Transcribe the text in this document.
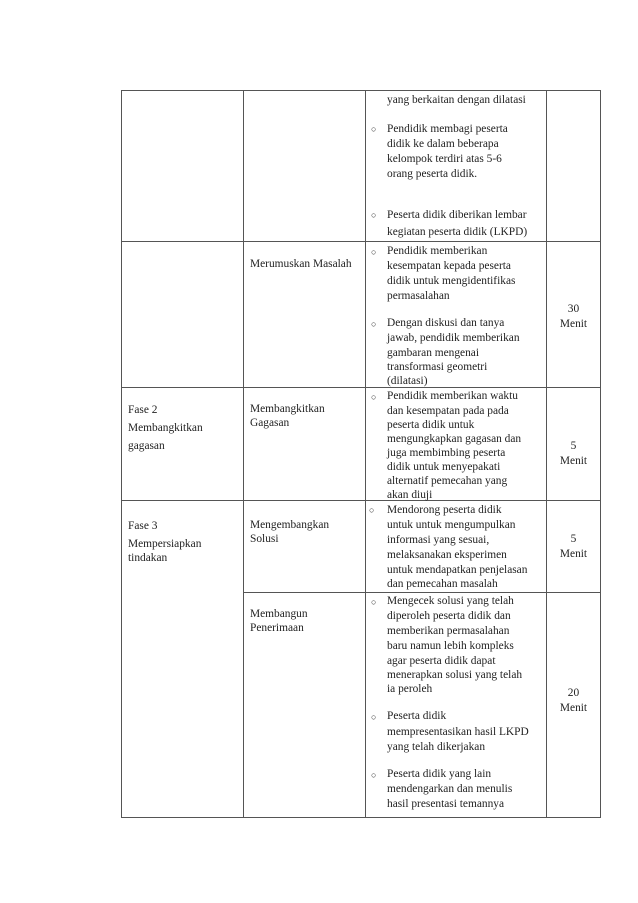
yang berkaitan dengan dilatasi
○ Pendidik membagi peserta
didik ke dalam beberapa
kelompok terdiri atas 5-6
orang peserta didik.
○ Peserta didik diberikan lembar
kegiatan peserta didik (LKPD)
Merumuskan Masalah
○ Pendidik memberikan
kesempatan kepada peserta
didik untuk mengidentifikas
permasalahan
○ Dengan diskusi dan tanya
jawab, pendidik memberikan
gambaran mengenai
transformasi geometri
(dilatasi)
30
Menit
Fase 2
Membangkitkan
gagasan
Membangkitkan
Gagasan
○ Pendidik memberikan waktu
dan kesempatan pada pada
peserta didik untuk
mengungkapkan gagasan dan
juga membimbing peserta
didik untuk menyepakati
alternatif pemecahan yang
akan diuji
5
Menit
Fase 3
Mempersiapkan
tindakan
Mengembangkan
Solusi
○ Mendorong peserta didik
untuk untuk mengumpulkan
informasi yang sesuai,
melaksanakan eksperimen
untuk mendapatkan penjelasan
dan pemecahan masalah
5
Menit
Membangun
Penerimaan
○ Mengecek solusi yang telah
diperoleh peserta didik dan
memberikan permasalahan
baru namun lebih kompleks
agar peserta didik dapat
menerapkan solusi yang telah
ia peroleh
○ Peserta didik
mempresentasikan hasil LKPD
yang telah dikerjakan
○ Peserta didik yang lain
mendengarkan dan menulis
hasil presentasi temannya
20
Menit
